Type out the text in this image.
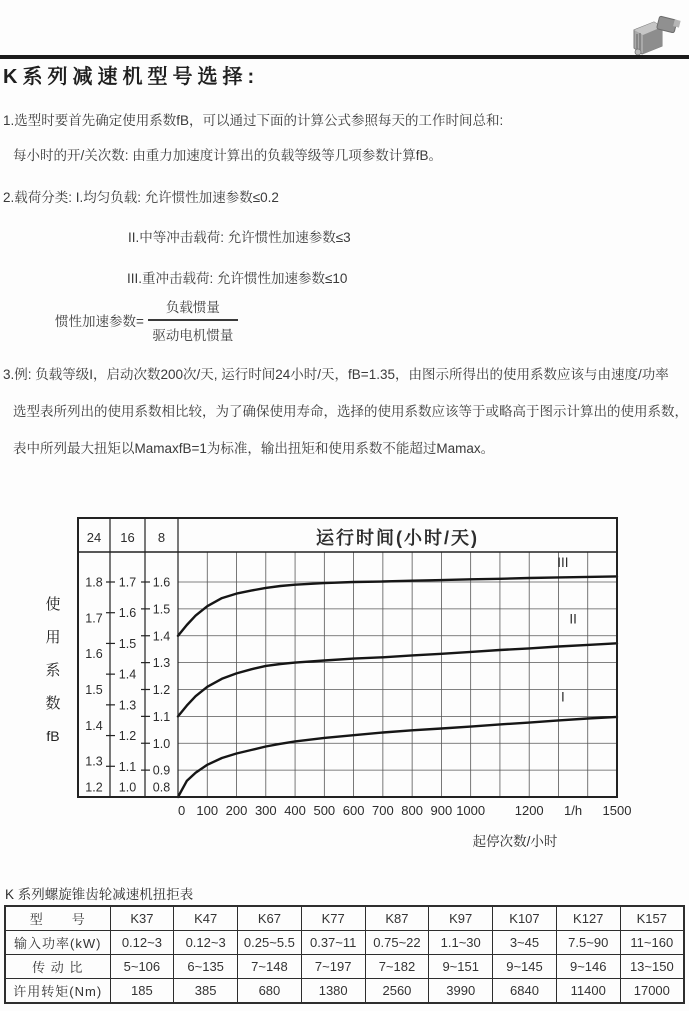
K系列减速机型号选择:
1.选型时要首先确定使用系数fB，可以通过下面的计算公式参照每天的工作时间总和:
每小时的开/关次数: 由重力加速度计算出的负载等级等几项参数计算fB。
2.载荷分类: I.均匀负载: 允许惯性加速参数≤0.2
II.中等冲击载荷: 允许惯性加速参数≤3
III.重冲击载荷: 允许惯性加速参数≤10
惯性加速参数= $\frac{\text{负载惯量}}{\text{驱动电机惯量}}$
3.例: 负载等级I，启动次数200次/天, 运行时间24小时/天，fB=1.35，由图示所得出的使用系数应该与由速度/功率
选型表所列出的使用系数相比较，为了确保使用寿命，选择的使用系数应该等于或略高于图示计算出的使用系数，
表中所列最大扭矩以MamaxfB=1为标准，输出扭矩和使用系数不能超过Mamax。
使
用
系
数
fB
I
II
III
24 16 8	运行时间(小时/天)
1.8
1.7
1.6
1.5
1.4
1.3
1.2
1.7
1.6
1.5
1.4
1.3
1.2
1.1
1.0
1.6
1.5
1.4
1.3
1.2
1.1
1.0
0.9
0.8
0 100 200 300 400 500 600 700 800 900 1000 1200 1/h 1500
起停次数/小时
K 系列螺旋锥齿轮减速机扭拒表
型　　号	K37	K47	K67	K77	K87	K97	K107	K127	K157
输入功率(kW)	0.12~3	0.12~3	0.25~5.5	0.37~11	0.75~22	1.1~30	3~45	7.5~90	11~160
传 动 比	5~106	6~135	7~148	7~197	7~182	9~151	9~145	9~146	13~150
许用转矩(Nm)	185	385	680	1380	2560	3990	6840	11400	17000
